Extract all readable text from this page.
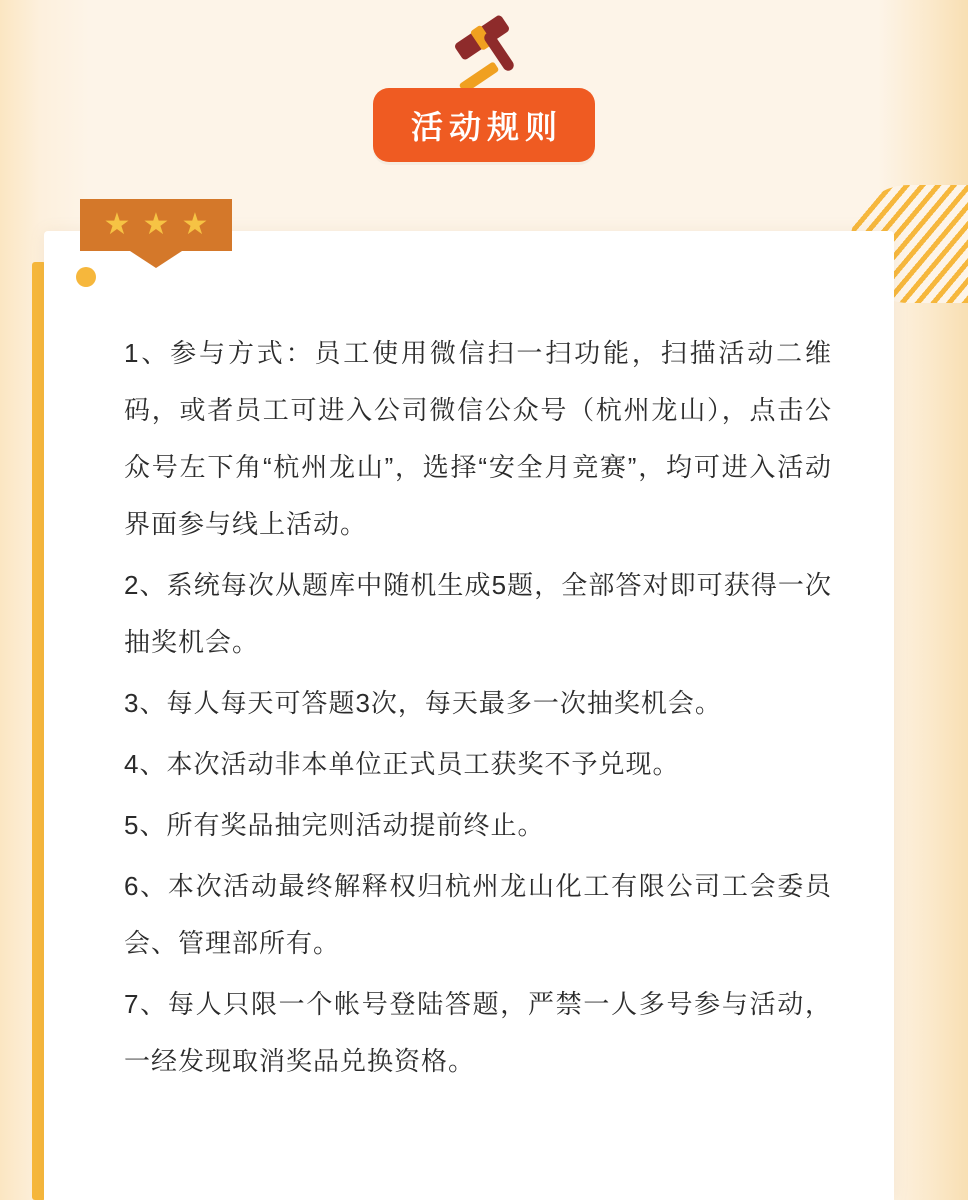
活动规则
★ ★ ★

1、参与方式：员工使用微信扫一扫功能，扫描活动二维码，或者员工可进入公司微信公众号（杭州龙山），点击公众号左下角“杭州龙山”，选择“安全月竞赛”，均可进入活动界面参与线上活动。

2、系统每次从题库中随机生成5题，全部答对即可获得一次抽奖机会。

3、每人每天可答题3次，每天最多一次抽奖机会。

4、本次活动非本单位正式员工获奖不予兑现。

5、所有奖品抽完则活动提前终止。

6、本次活动最终解释权归杭州龙山化工有限公司工会委员会、管理部所有。

7、每人只限一个帐号登陆答题，严禁一人多号参与活动，一经发现取消奖品兑换资格。
